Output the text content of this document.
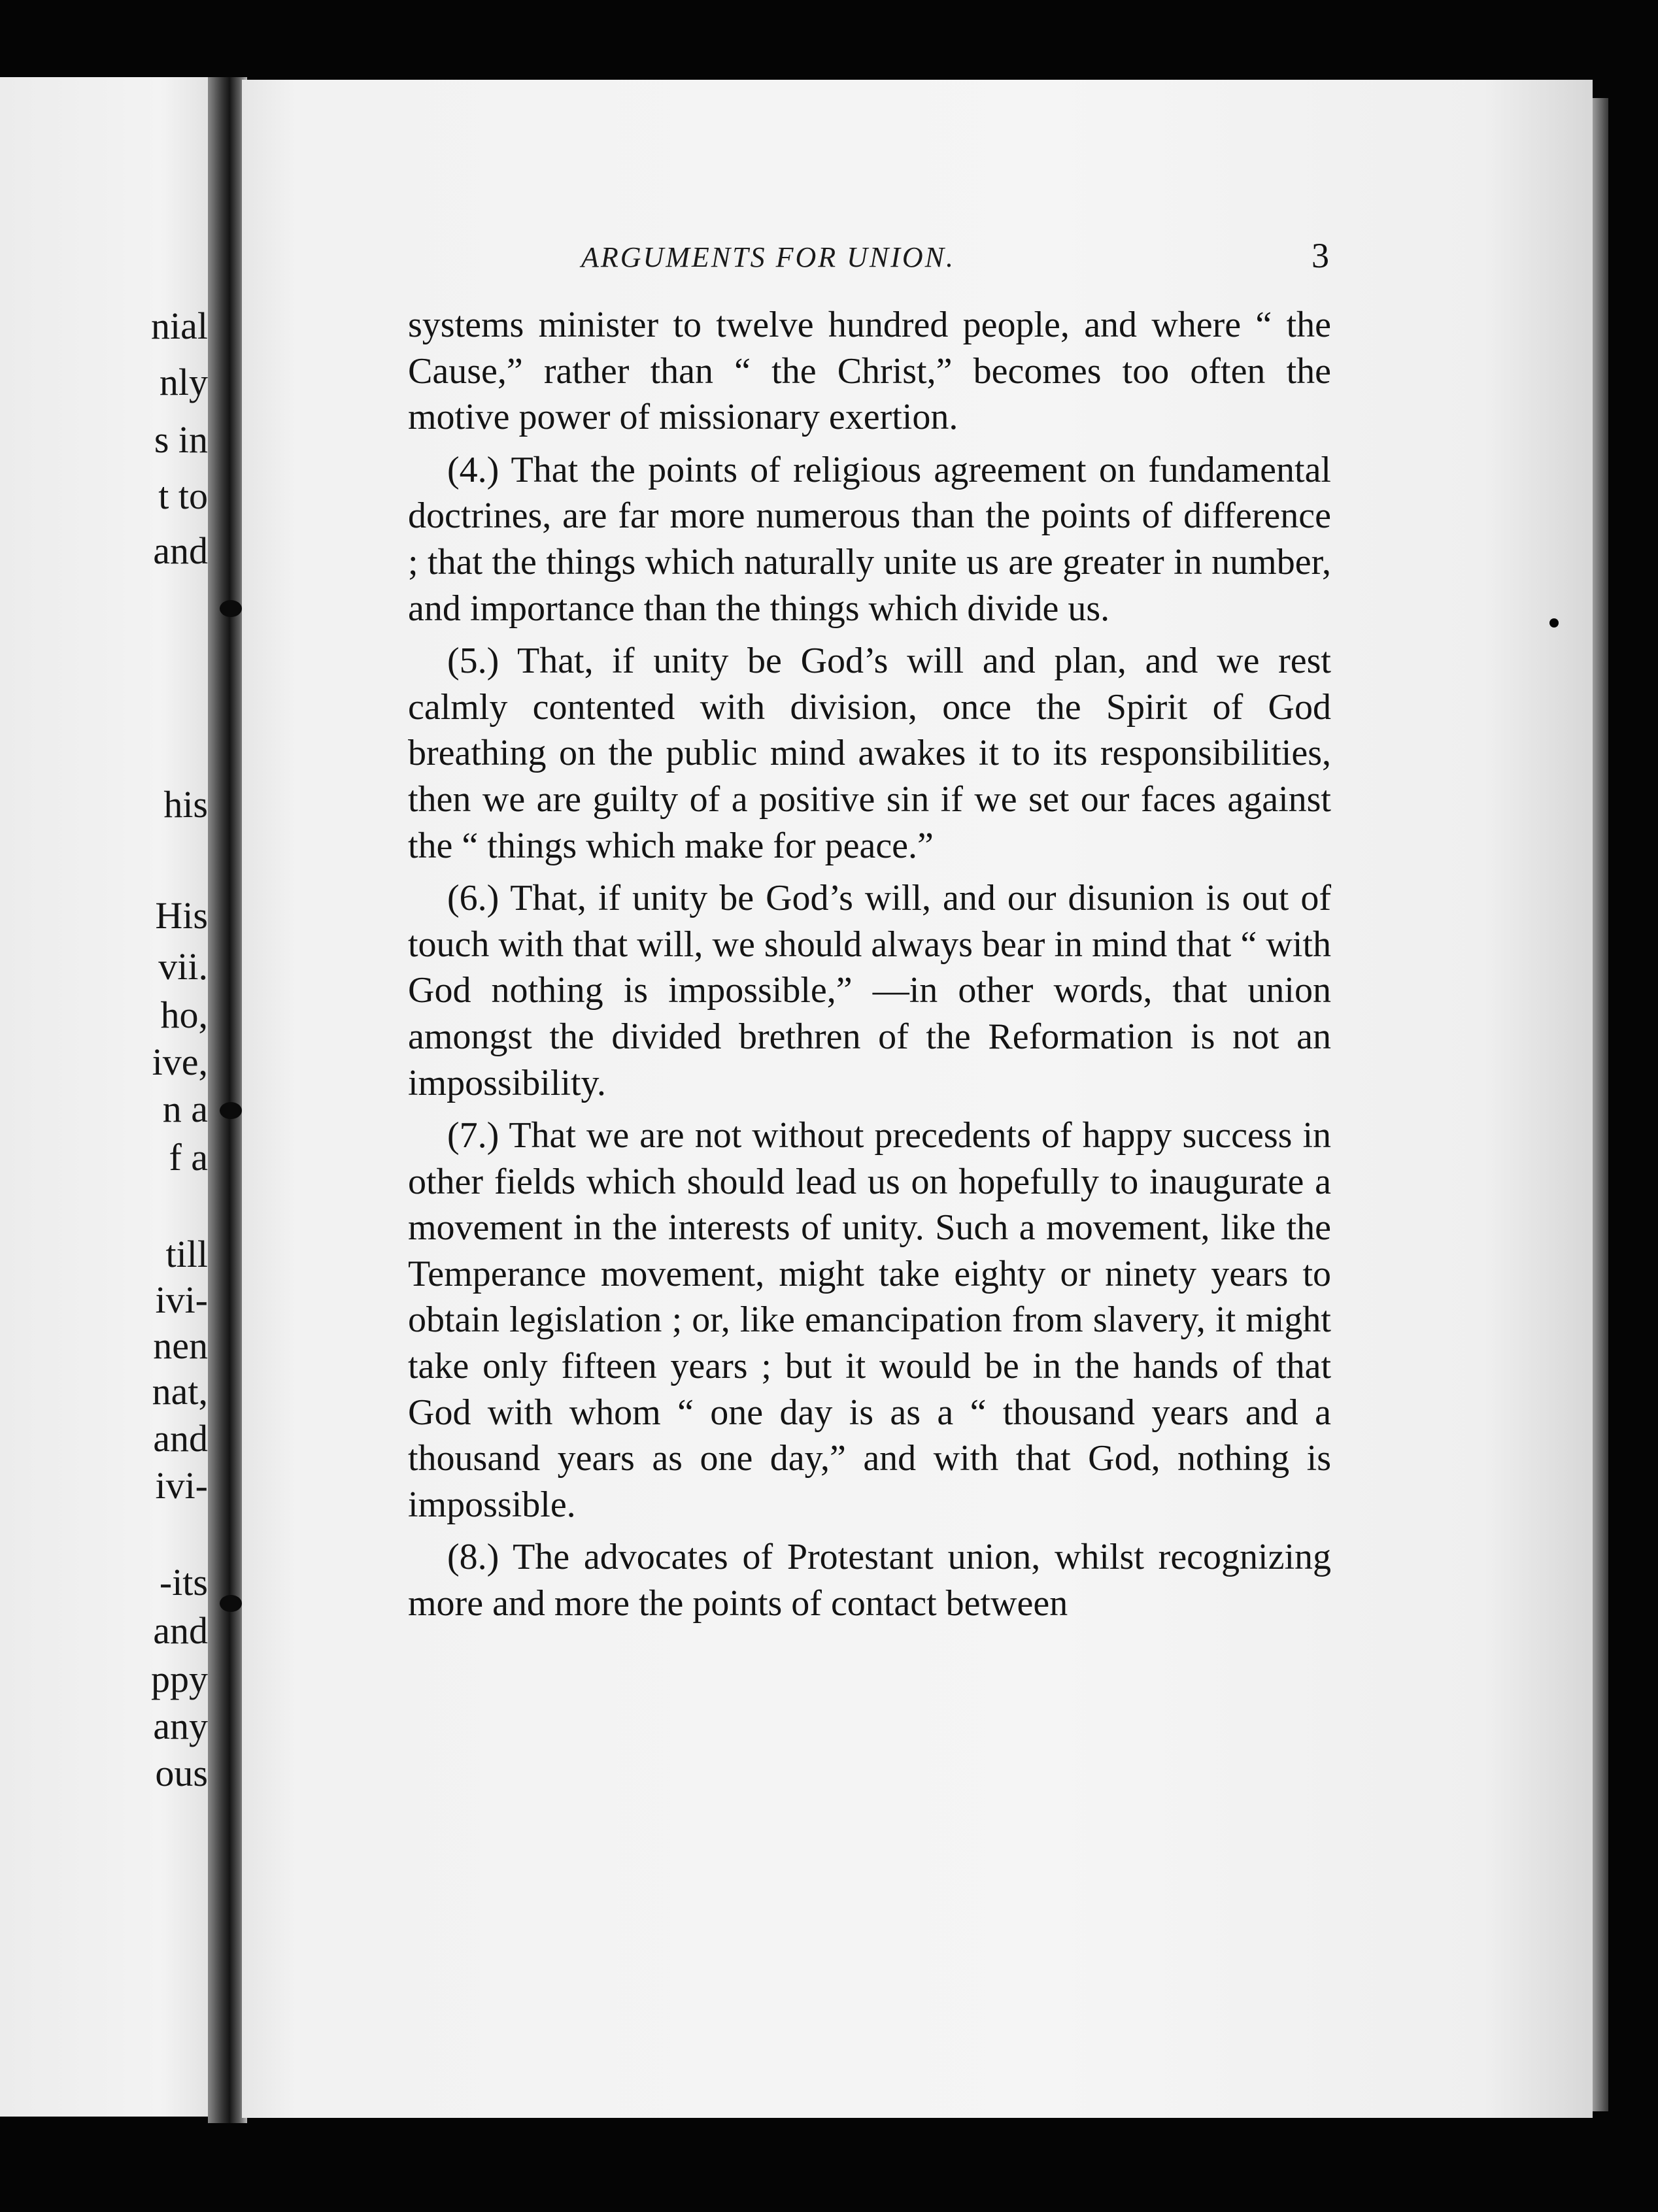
nial
nly
s in
t to
and
his
His
vii.
ho,
ive,
n a
f a
till
ivi-
nen
nat,
and
ivi-
-its
and
ppy
any
ous
ARGUMENTS FOR UNION.	3

systems minister to twelve hundred people, and where “ the Cause,” rather than “ the Christ,” becomes too often the motive power of missionary exertion.

(4.) That the points of religious agreement on fundamental doctrines, are far more numerous than the points of difference ; that the things which naturally unite us are greater in number, and importance than the things which divide us.

(5.) That, if unity be God’s will and plan, and we rest calmly contented with division, once the Spirit of God breathing on the public mind awakes it to its responsibilities, then we are guilty of a positive sin if we set our faces against the “ things which make for peace.”

(6.) That, if unity be God’s will, and our disunion is out of touch with that will, we should always bear in mind that “ with God nothing is impossible,” —in other words, that union amongst the divided brethren of the Reformation is not an impossibility.

(7.) That we are not without precedents of happy success in other fields which should lead us on hopefully to inaugurate a movement in the interests of unity. Such a movement, like the Temperance movement, might take eighty or ninety years to obtain legislation ; or, like emancipation from slavery, it might take only fifteen years ; but it would be in the hands of that God with whom “ one day is as a “ thousand years and a thousand years as one day,” and with that God, nothing is impossible.

(8.) The advocates of Protestant union, whilst recognizing more and more the points of contact between
